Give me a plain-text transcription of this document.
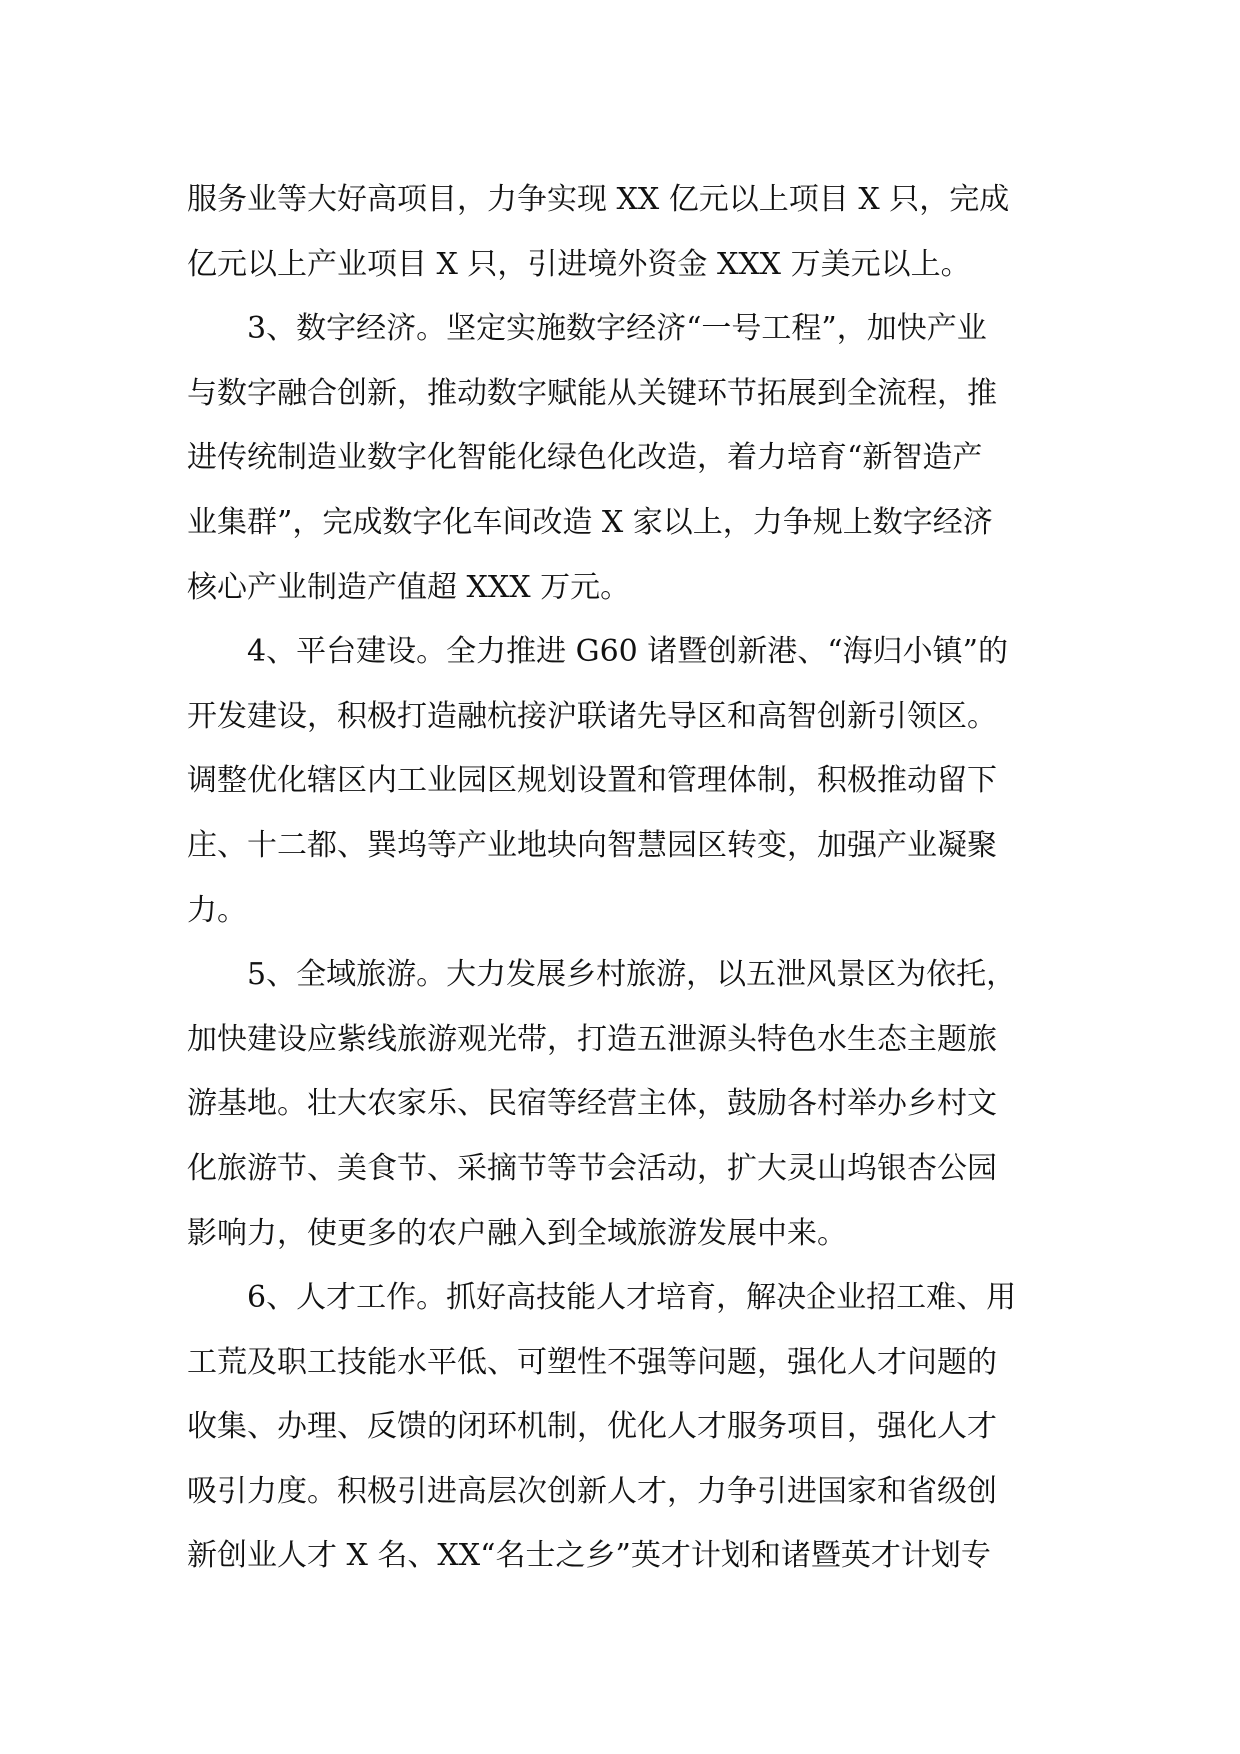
服务业等大好高项目，力争实现 XX 亿元以上项目 X 只，完成
亿元以上产业项目 X 只，引进境外资金 XXX 万美元以上。
3、数字经济。坚定实施数字经济“一号工程”，加快产业
与数字融合创新，推动数字赋能从关键环节拓展到全流程，推
进传统制造业数字化智能化绿色化改造，着力培育“新智造产
业集群”，完成数字化车间改造 X 家以上，力争规上数字经济
核心产业制造产值超 XXX 万元。
4、平台建设。全力推进 G60 诸暨创新港、“海归小镇”的
开发建设，积极打造融杭接沪联诸先导区和高智创新引领区。
调整优化辖区内工业园区规划设置和管理体制，积极推动留下
庄、十二都、巽坞等产业地块向智慧园区转变，加强产业凝聚
力。
5、全域旅游。大力发展乡村旅游，以五泄风景区为依托，
加快建设应紫线旅游观光带，打造五泄源头特色水生态主题旅
游基地。壮大农家乐、民宿等经营主体，鼓励各村举办乡村文
化旅游节、美食节、采摘节等节会活动，扩大灵山坞银杏公园
影响力，使更多的农户融入到全域旅游发展中来。
6、人才工作。抓好高技能人才培育，解决企业招工难、用
工荒及职工技能水平低、可塑性不强等问题，强化人才问题的
收集、办理、反馈的闭环机制，优化人才服务项目，强化人才
吸引力度。积极引进高层次创新人才，力争引进国家和省级创
新创业人才 X 名、XX“名士之乡”英才计划和诸暨英才计划专
